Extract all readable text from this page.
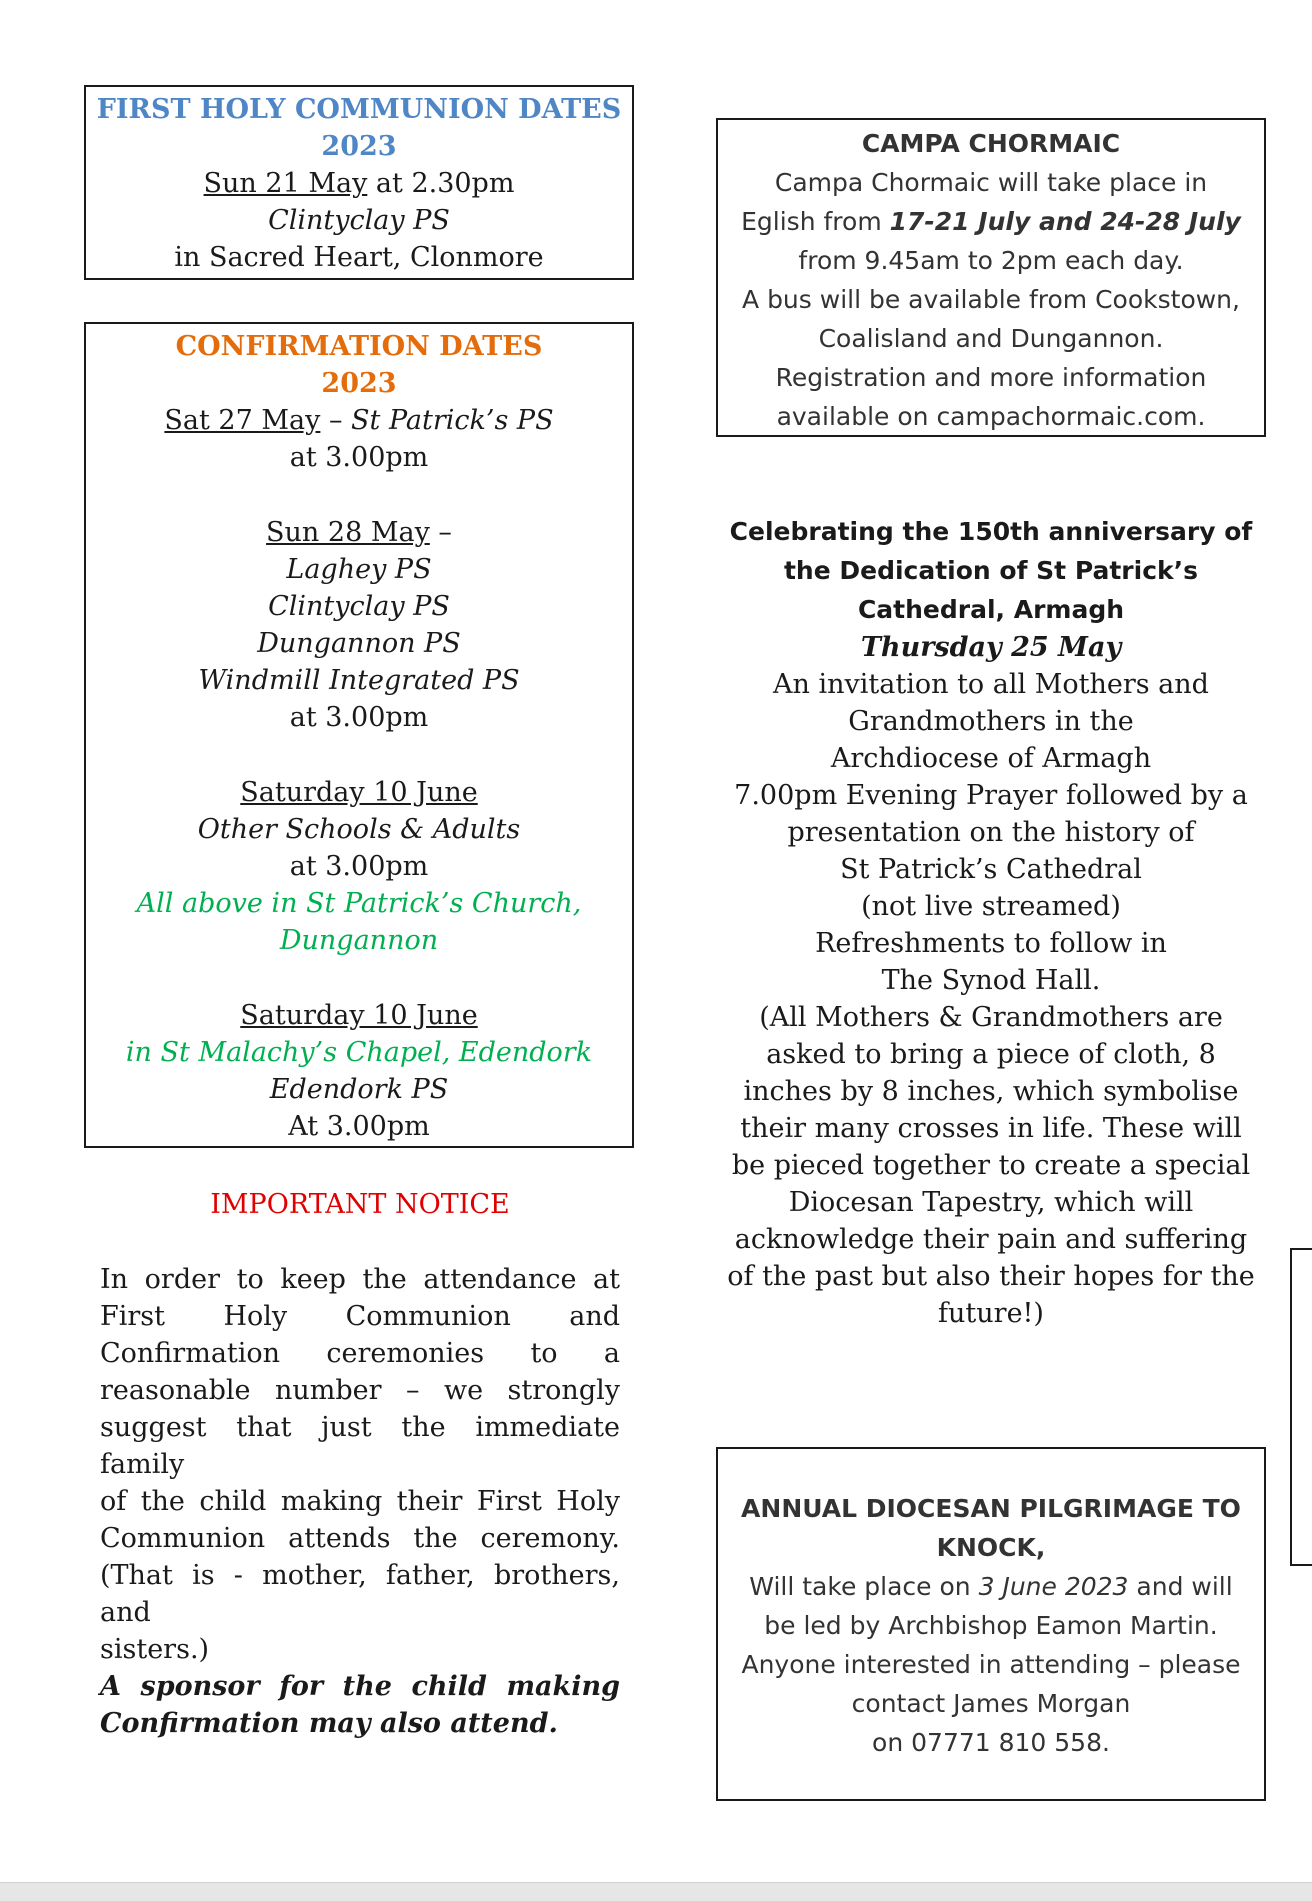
FIRST HOLY COMMUNION DATES
2023
Sun 21 May at 2.30pm
Clintyclay PS
in Sacred Heart, Clonmore
CONFIRMATION DATES
2023
Sat 27 May – St Patrick’s PS
at 3.00pm
Sun 28 May –
Laghey PS
Clintyclay PS
Dungannon PS
Windmill Integrated PS
at 3.00pm
Saturday 10 June
Other Schools & Adults
at 3.00pm
All above in St Patrick’s Church,
Dungannon
Saturday 10 June
in St Malachy’s Chapel, Edendork
Edendork PS
At 3.00pm
IMPORTANT NOTICE
In order to keep the attendance at
First Holy Communion and
Confirmation ceremonies to a
reasonable number – we strongly
suggest that just the immediate family
of the child making their First Holy
Communion attends the ceremony.
(That is - mother, father, brothers, and
sisters.)
A sponsor for the child making
Confirmation may also attend.
CAMPA CHORMAIC
Campa Chormaic will take place in
Eglish from 17-21 July and 24-28 July
from 9.45am to 2pm each day.
A bus will be available from Cookstown,
Coalisland and Dungannon.
Registration and more information
available on campachormaic.com.
Celebrating the 150th anniversary of
the Dedication of St Patrick’s
Cathedral, Armagh
Thursday 25 May
An invitation to all Mothers and
Grandmothers in the
Archdiocese of Armagh
7.00pm Evening Prayer followed by a
presentation on the history of
St Patrick’s Cathedral
(not live streamed)
Refreshments to follow in
The Synod Hall.
(All Mothers & Grandmothers are
asked to bring a piece of cloth, 8
inches by 8 inches, which symbolise
their many crosses in life. These will
be pieced together to create a special
Diocesan Tapestry, which will
acknowledge their pain and suffering
of the past but also their hopes for the
future!)
ANNUAL DIOCESAN PILGRIMAGE TO
KNOCK,
Will take place on 3 June 2023 and will
be led by Archbishop Eamon Martin.
Anyone interested in attending – please
contact James Morgan
on 07771 810 558.
